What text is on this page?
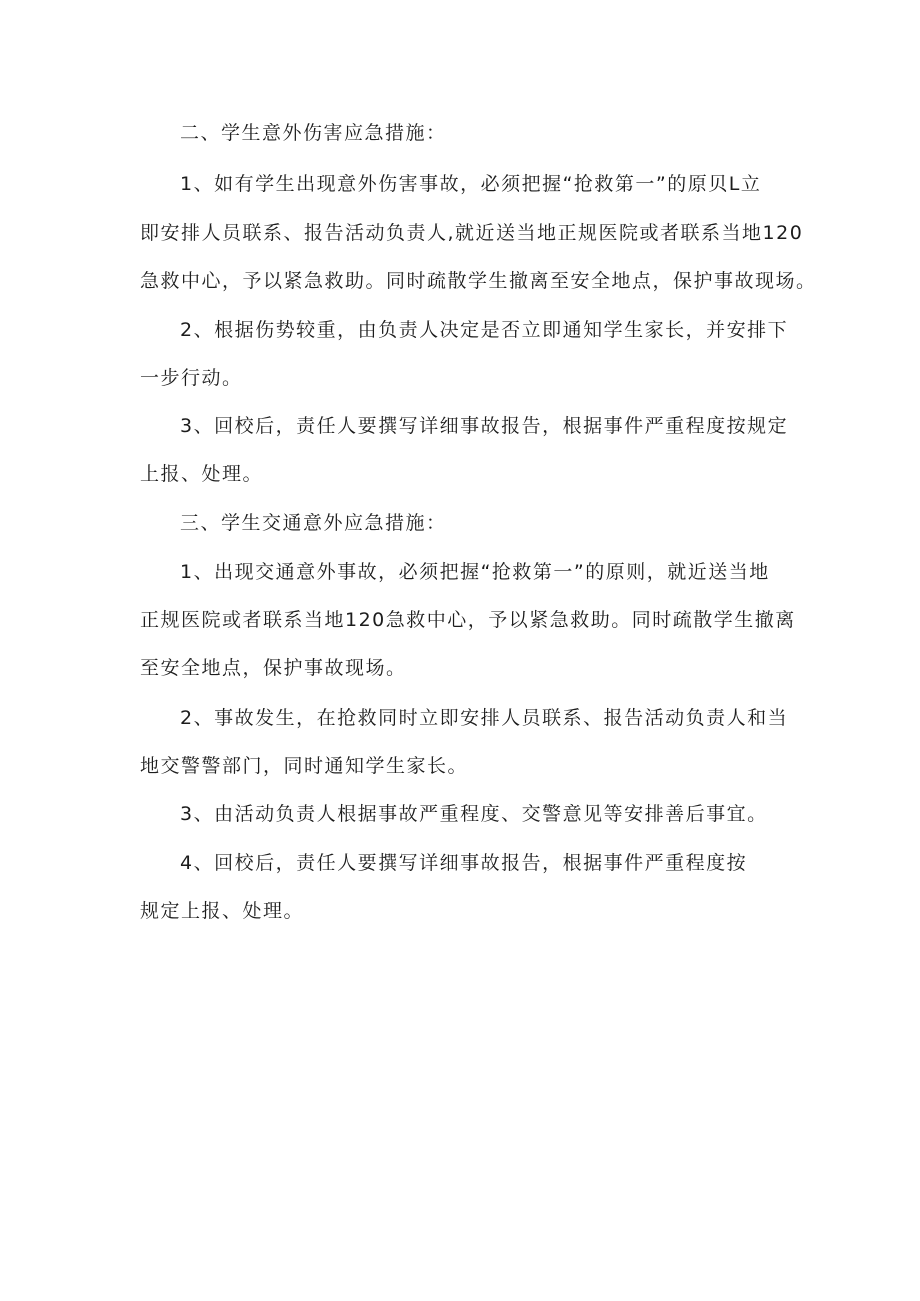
二、学生意外伤害应急措施：
1、如有学生出现意外伤害事故，必须把握“抢救第一”的原贝L立
即安排人员联系、报告活动负责人,就近送当地正规医院或者联系当地120
急救中心，予以紧急救助。同时疏散学生撤离至安全地点，保护事故现场。
2、根据伤势较重，由负责人决定是否立即通知学生家长，并安排下
一步行动。
3、回校后，责任人要撰写详细事故报告，根据事件严重程度按规定
上报、处理。
三、学生交通意外应急措施：
1、出现交通意外事故，必须把握“抢救第一”的原则，就近送当地
正规医院或者联系当地120急救中心，予以紧急救助。同时疏散学生撤离
至安全地点，保护事故现场。
2、事故发生，在抢救同时立即安排人员联系、报告活动负责人和当
地交警警部门，同时通知学生家长。
3、由活动负责人根据事故严重程度、交警意见等安排善后事宜。
4、回校后，责任人要撰写详细事故报告，根据事件严重程度按
规定上报、处理。
